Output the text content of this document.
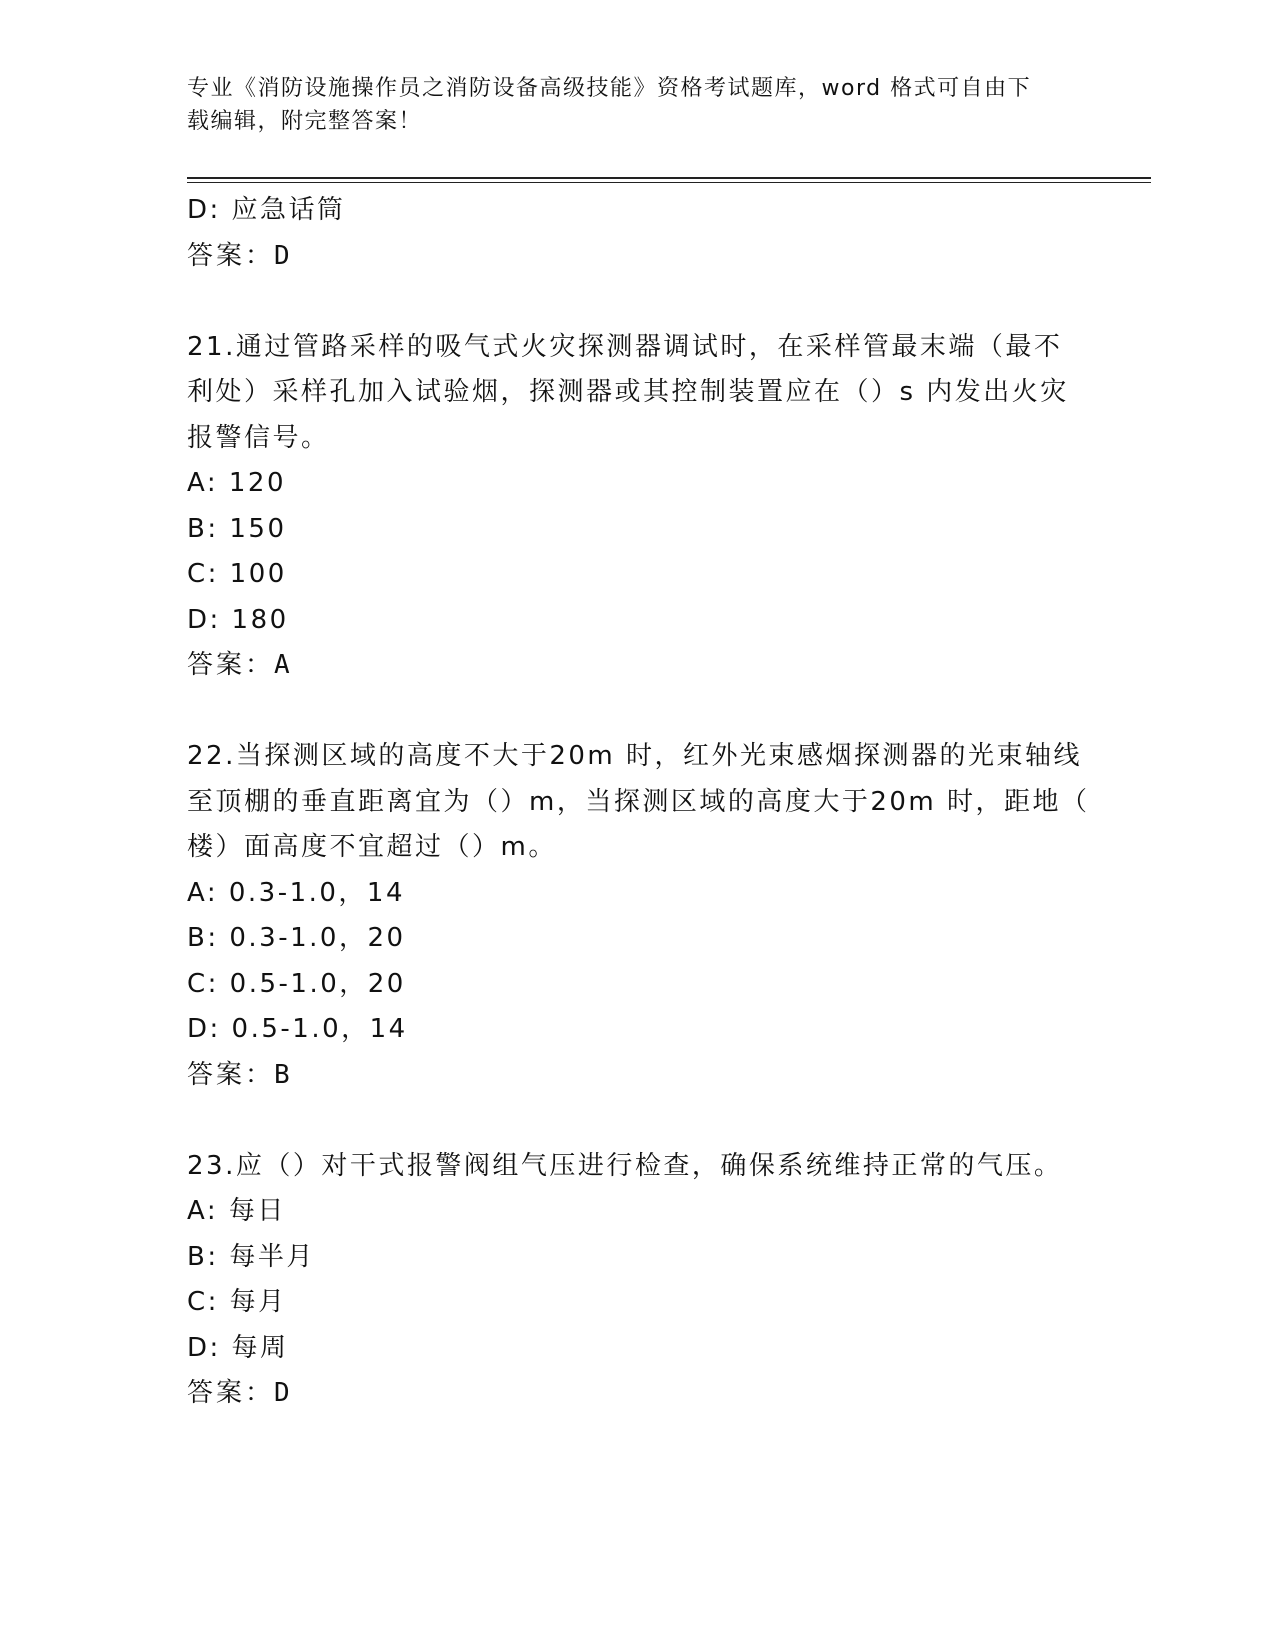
专业《消防设施操作员之消防设备高级技能》资格考试题库，word 格式可自由下
载编辑，附完整答案！
D: 应急话筒
答案：D
21.通过管路采样的吸气式火灾探测器调试时，在采样管最末端（最不
利处）采样孔加入试验烟，探测器或其控制装置应在（）s 内发出火灾
报警信号。
A: 120
B: 150
C: 100
D: 180
答案：A
22.当探测区域的高度不大于20m 时，红外光束感烟探测器的光束轴线
至顶棚的垂直距离宜为（）m，当探测区域的高度大于20m 时，距地（
楼）面高度不宜超过（）m。
A: 0.3-1.0，14
B: 0.3-1.0，20
C: 0.5-1.0，20
D: 0.5-1.0，14
答案：B
23.应（）对干式报警阀组气压进行检查，确保系统维持正常的气压。
A: 每日
B: 每半月
C: 每月
D: 每周
答案：D
